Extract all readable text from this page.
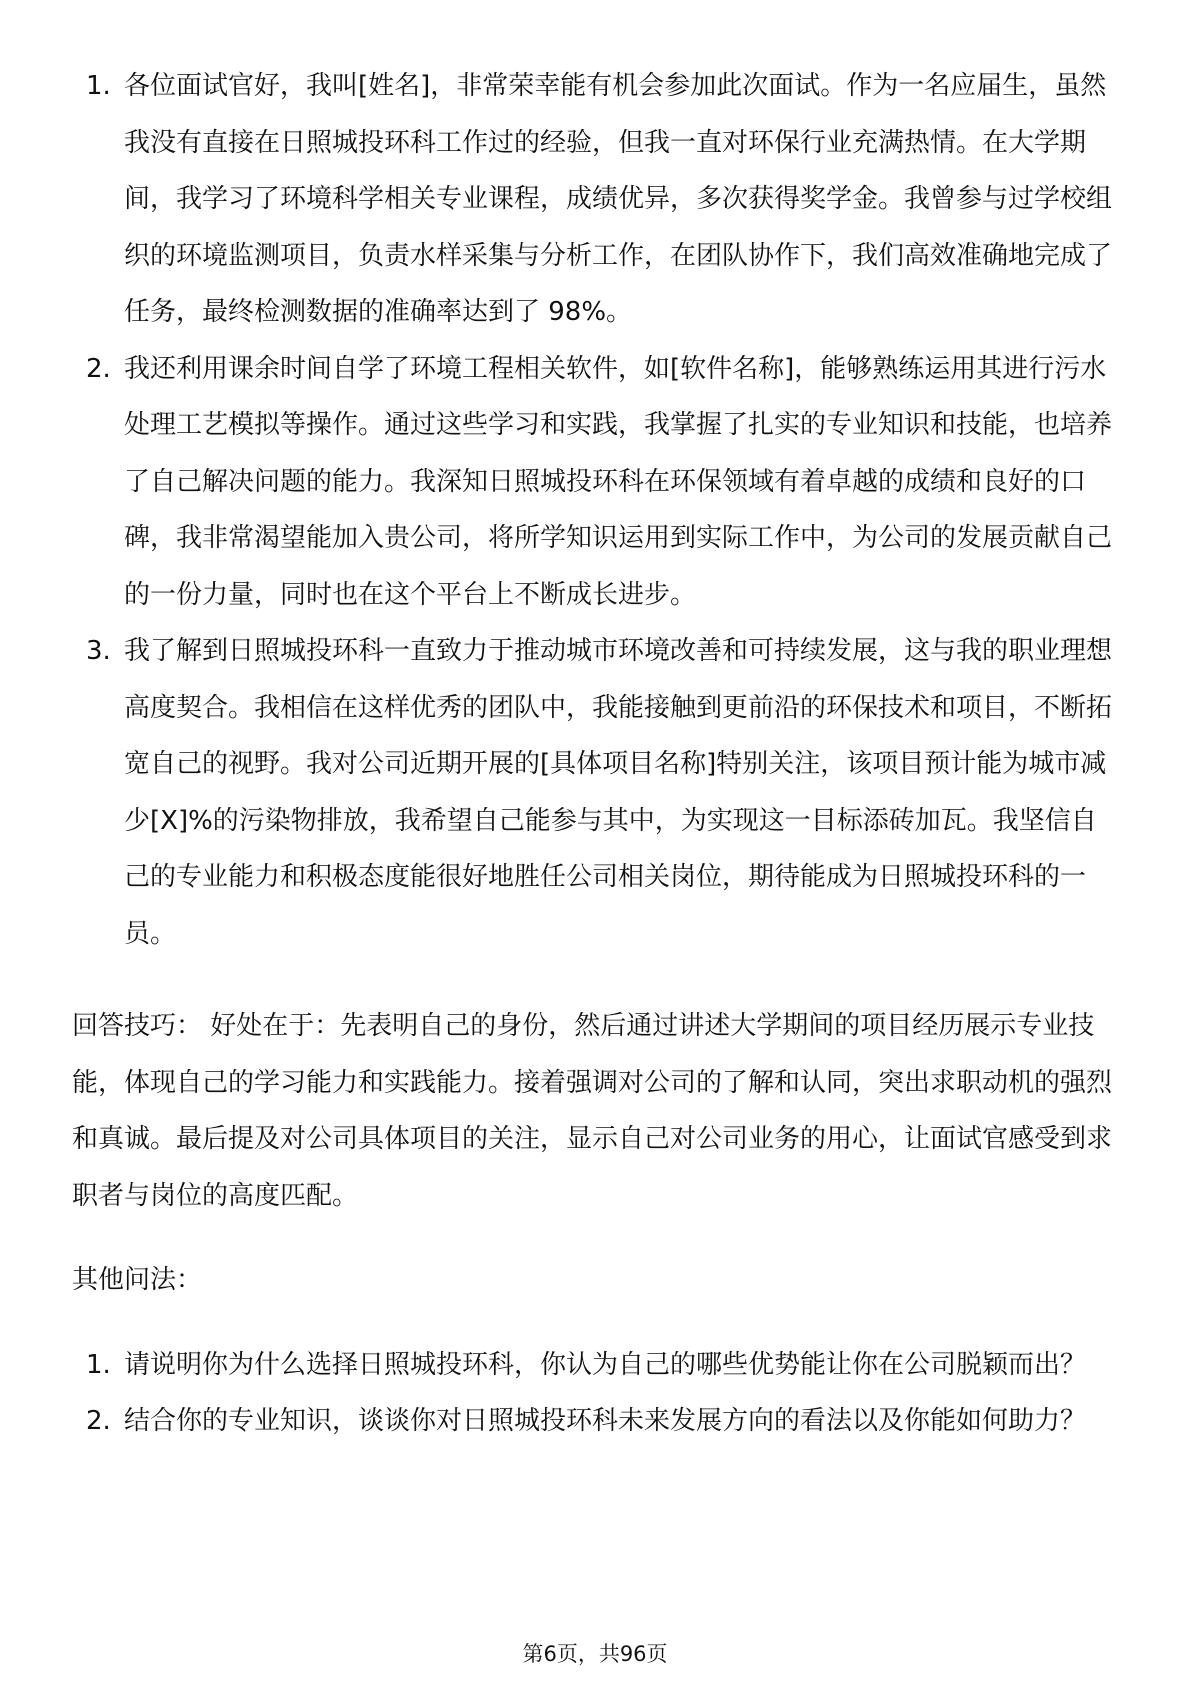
1. 各位面试官好，我叫[姓名]，非常荣幸能有机会参加此次面试。作为一名应届生，虽然我没有直接在日照城投环科工作过的经验，但我一直对环保行业充满热情。在大学期间，我学习了环境科学相关专业课程，成绩优异，多次获得奖学金。我曾参与过学校组织的环境监测项目，负责水样采集与分析工作，在团队协作下，我们高效准确地完成了任务，最终检测数据的准确率达到了 98%。
2. 我还利用课余时间自学了环境工程相关软件，如[软件名称]，能够熟练运用其进行污水处理工艺模拟等操作。通过这些学习和实践，我掌握了扎实的专业知识和技能，也培养了自己解决问题的能力。我深知日照城投环科在环保领域有着卓越的成绩和良好的口碑，我非常渴望能加入贵公司，将所学知识运用到实际工作中，为公司的发展贡献自己的一份力量，同时也在这个平台上不断成长进步。
3. 我了解到日照城投环科一直致力于推动城市环境改善和可持续发展，这与我的职业理想高度契合。我相信在这样优秀的团队中，我能接触到更前沿的环保技术和项目，不断拓宽自己的视野。我对公司近期开展的[具体项目名称]特别关注，该项目预计能为城市减少[X]%的污染物排放，我希望自己能参与其中，为实现这一目标添砖加瓦。我坚信自己的专业能力和积极态度能很好地胜任公司相关岗位，期待能成为日照城投环科的一员。

回答技巧： 好处在于：先表明自己的身份，然后通过讲述大学期间的项目经历展示专业技能，体现自己的学习能力和实践能力。接着强调对公司的了解和认同，突出求职动机的强烈和真诚。最后提及对公司具体项目的关注，显示自己对公司业务的用心，让面试官感受到求职者与岗位的高度匹配。

其他问法：

1. 请说明你为什么选择日照城投环科，你认为自己的哪些优势能让你在公司脱颖而出？
2. 结合你的专业知识，谈谈你对日照城投环科未来发展方向的看法以及你能如何助力？
第6页，共96页
